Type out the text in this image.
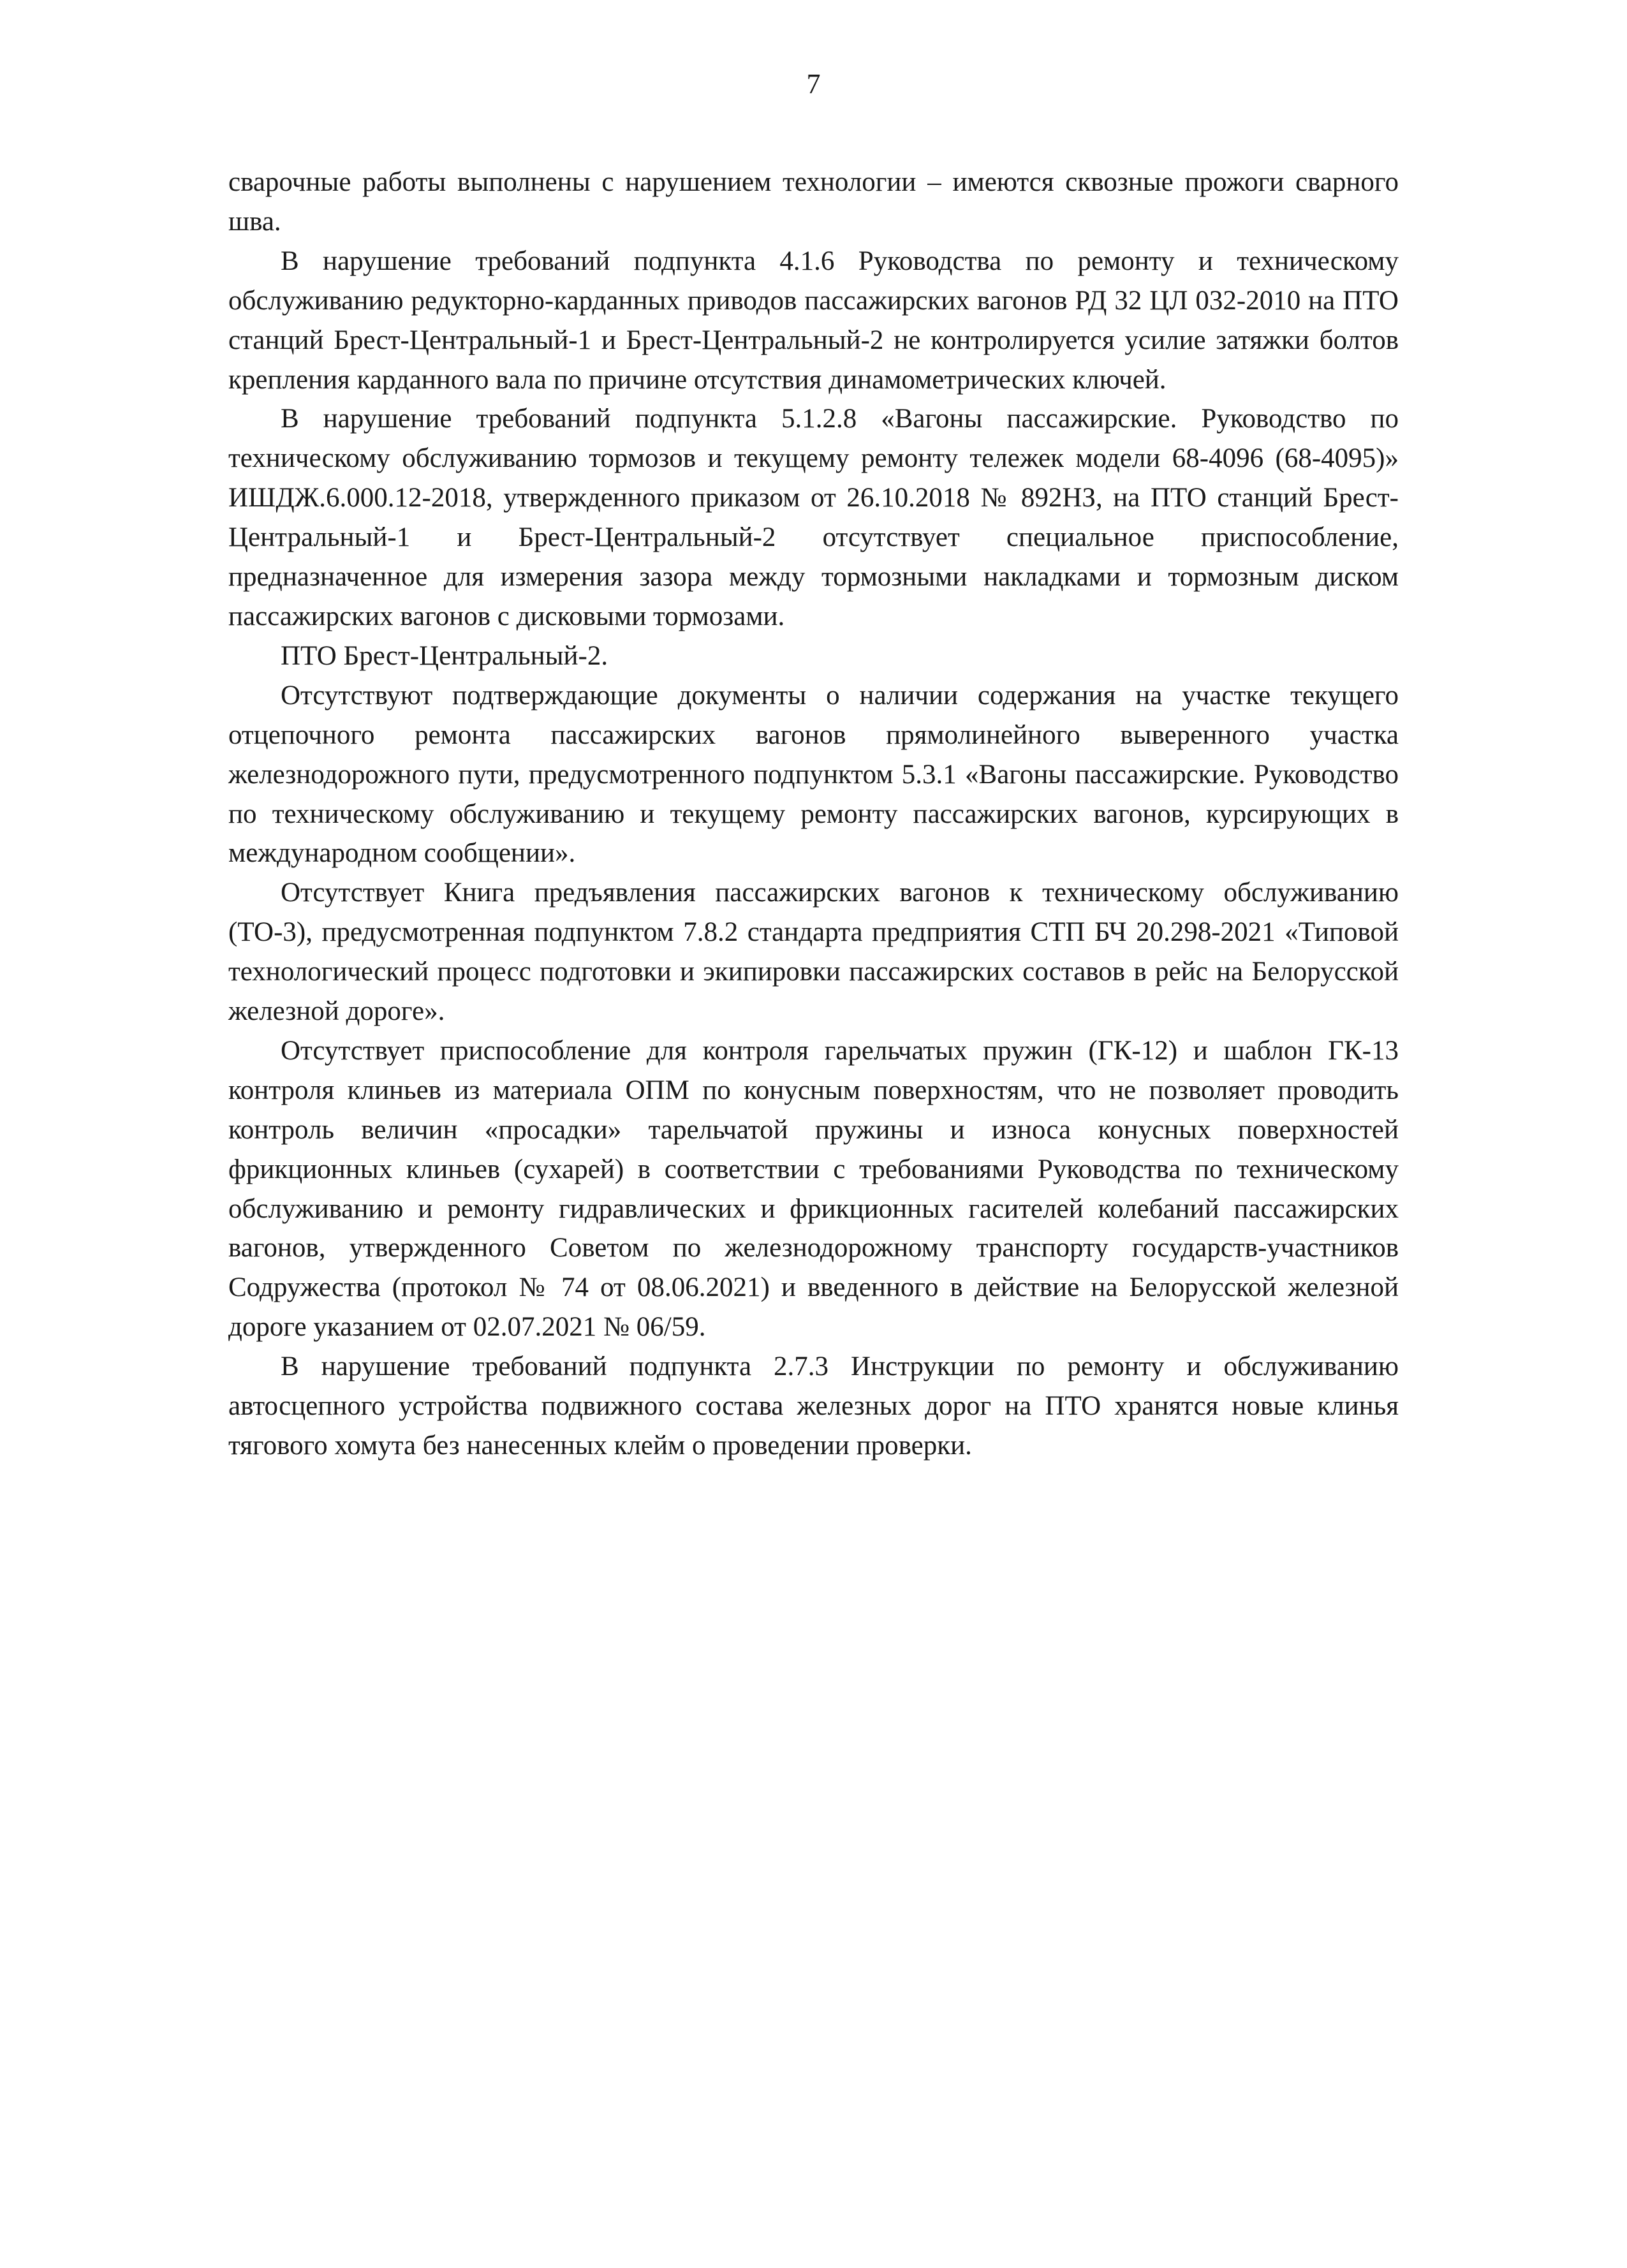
7

сварочные работы выполнены с нарушением технологии – имеются сквозные прожоги сварного шва.

В нарушение требований подпункта 4.1.6 Руководства по ремонту и техническому обслуживанию редукторно-карданных приводов пассажирских вагонов РД 32 ЦЛ 032-2010 на ПТО станций Брест-Центральный-1 и Брест-Центральный-2 не контролируется усилие затяжки болтов крепления карданного вала по причине отсутствия динамометрических ключей.

В нарушение требований подпункта 5.1.2.8 «Вагоны пассажирские. Руководство по техническому обслуживанию тормозов и текущему ремонту тележек модели 68-4096 (68-4095)» ИШДЖ.6.000.12-2018, утвержденного приказом от 26.10.2018 № 892НЗ, на ПТО станций Брест-Центральный-1 и Брест-Центральный-2 отсутствует специальное приспособление, предназначенное для измерения зазора между тормозными накладками и тормозным диском пассажирских вагонов с дисковыми тормозами.

ПТО Брест-Центральный-2.

Отсутствуют подтверждающие документы о наличии содержания на участке текущего отцепочного ремонта пассажирских вагонов прямолинейного выверенного участка железнодорожного пути, предусмотренного подпунктом 5.3.1 «Вагоны пассажирские. Руководство по техническому обслуживанию и текущему ремонту пассажирских вагонов, курсирующих в международном сообщении».

Отсутствует Книга предъявления пассажирских вагонов к техническому обслуживанию (ТО-3), предусмотренная подпунктом 7.8.2 стандарта предприятия СТП БЧ 20.298-2021 «Типовой технологический процесс подготовки и экипировки пассажирских составов в рейс на Белорусской железной дороге».

Отсутствует приспособление для контроля гарельчатых пружин (ГК-12) и шаблон ГК-13 контроля клиньев из материала ОПМ по конусным поверхностям, что не позволяет проводить контроль величин «просадки» тарельчатой пружины и износа конусных поверхностей фрикционных клиньев (сухарей) в соответствии с требованиями Руководства по техническому обслуживанию и ремонту гидравлических и фрикционных гасителей колебаний пассажирских вагонов, утвержденного Советом по железнодорожному транспорту государств-участников Содружества (протокол № 74 от 08.06.2021) и введенного в действие на Белорусской железной дороге указанием от 02.07.2021 № 06/59.

В нарушение требований подпункта 2.7.3 Инструкции по ремонту и обслуживанию автосцепного устройства подвижного состава железных дорог на ПТО хранятся новые клинья тягового хомута без нанесенных клейм о проведении проверки.
